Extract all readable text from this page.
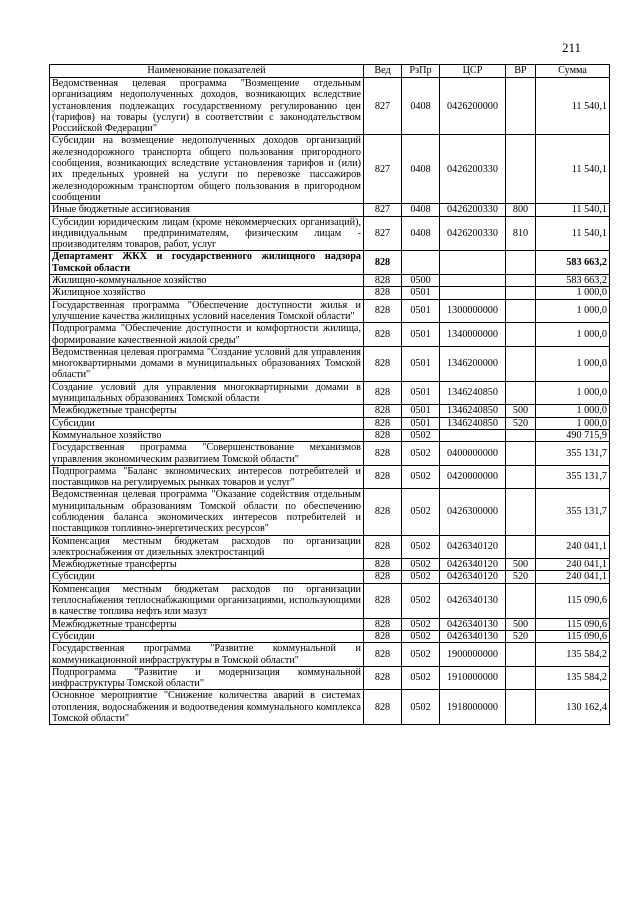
211
Наименование показателей	Вед	РзПр	ЦСР	ВР	Сумма
Ведомственная целевая программа "Возмещение отдельным организациям недополученных доходов, возникающих вследствие установления подлежащих государственному регулированию цен (тарифов) на товары (услуги) в соответствии с законодательством Российской Федерации"	827	0408	0426200000		11 540,1
Субсидии на возмещение недополученных доходов организаций железнодорожного транспорта общего пользования пригородного сообщения, возникающих вследствие установления тарифов и (или) их предельных уровней на услуги по перевозке пассажиров железнодорожным транспортом общего пользования в пригородном сообщении	827	0408	0426200330		11 540,1
Иные бюджетные ассигнования	827	0408	0426200330	800	11 540,1
Субсидии юридическим лицам (кроме некоммерческих организаций), индивидуальным предпринимателям, физическим лицам - производителям товаров, работ, услуг	827	0408	0426200330	810	11 540,1
Департамент ЖКХ и государственного жилищного надзора Томской области	828				583 663,2
Жилищно-коммунальное хозяйство	828	0500			583 663,2
Жилищное хозяйство	828	0501			1 000,0
Государственная программа "Обеспечение доступности жилья и улучшение качества жилищных условий населения Томской области"	828	0501	1300000000		1 000,0
Подпрограмма "Обеспечение доступности и комфортности жилища, формирование качественной жилой среды"	828	0501	1340000000		1 000,0
Ведомственная целевая программа "Создание условий для управления многоквартирными домами в муниципальных образованиях Томской области"	828	0501	1346200000		1 000,0
Создание условий для управления многоквартирными домами в муниципальных образованиях Томской области	828	0501	1346240850		1 000,0
Межбюджетные трансферты	828	0501	1346240850	500	1 000,0
Субсидии	828	0501	1346240850	520	1 000,0
Коммунальное хозяйство	828	0502			490 715,9
Государственная программа "Совершенствование механизмов управления экономическим развитием Томской области"	828	0502	0400000000		355 131,7
Подпрограмма "Баланс экономических интересов потребителей и поставщиков на регулируемых рынках товаров и услуг"	828	0502	0420000000		355 131,7
Ведомственная целевая программа "Оказание содействия отдельным муниципальным образованиям Томской области по обеспечению соблюдения баланса экономических интересов потребителей и поставщиков топливно-энергетических ресурсов"	828	0502	0426300000		355 131,7
Компенсация местным бюджетам расходов по организации электроснабжения от дизельных электростанций	828	0502	0426340120		240 041,1
Межбюджетные трансферты	828	0502	0426340120	500	240 041,1
Субсидии	828	0502	0426340120	520	240 041,1
Компенсация местным бюджетам расходов по организации теплоснабжения теплоснабжающими организациями, использующими в качестве топлива нефть или мазут	828	0502	0426340130		115 090,6
Межбюджетные трансферты	828	0502	0426340130	500	115 090,6
Субсидии	828	0502	0426340130	520	115 090,6
Государственная программа "Развитие коммунальной и коммуникационной инфраструктуры в Томской области"	828	0502	1900000000		135 584,2
Подпрограмма "Развитие и модернизация коммунальной инфраструктуры Томской области"	828	0502	1910000000		135 584,2
Основное мероприятие "Снижение количества аварий в системах отопления, водоснабжения и водоотведения коммунального комплекса Томской области"	828	0502	1918000000		130 162,4
